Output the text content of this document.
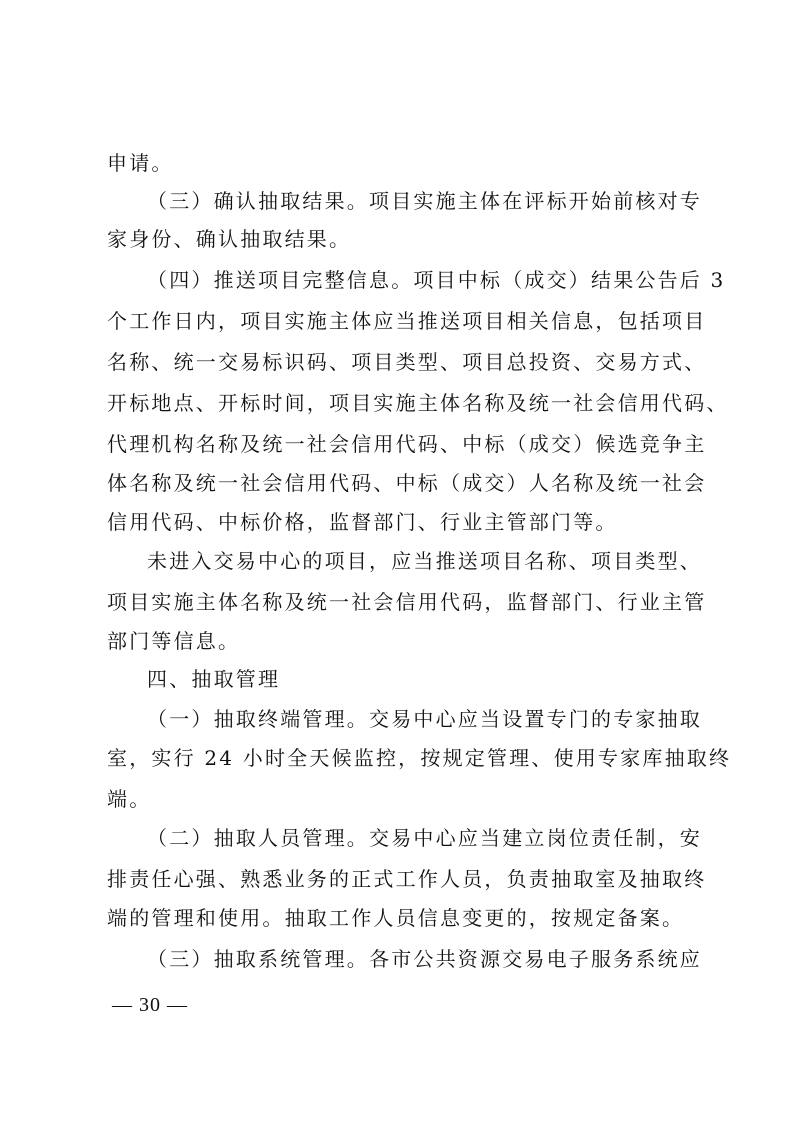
申请。
（三）确认抽取结果。项目实施主体在评标开始前核对专
家身份、确认抽取结果。
（四）推送项目完整信息。项目中标（成交）结果公告后 3
个工作日内，项目实施主体应当推送项目相关信息，包括项目
名称、统一交易标识码、项目类型、项目总投资、交易方式、
开标地点、开标时间，项目实施主体名称及统一社会信用代码、
代理机构名称及统一社会信用代码、中标（成交）候选竞争主
体名称及统一社会信用代码、中标（成交）人名称及统一社会
信用代码、中标价格，监督部门、行业主管部门等。
未进入交易中心的项目，应当推送项目名称、项目类型、
项目实施主体名称及统一社会信用代码，监督部门、行业主管
部门等信息。
四、抽取管理
（一）抽取终端管理。交易中心应当设置专门的专家抽取
室，实行 24 小时全天候监控，按规定管理、使用专家库抽取终
端。
（二）抽取人员管理。交易中心应当建立岗位责任制，安
排责任心强、熟悉业务的正式工作人员，负责抽取室及抽取终
端的管理和使用。抽取工作人员信息变更的，按规定备案。
（三）抽取系统管理。各市公共资源交易电子服务系统应
— 30 —
